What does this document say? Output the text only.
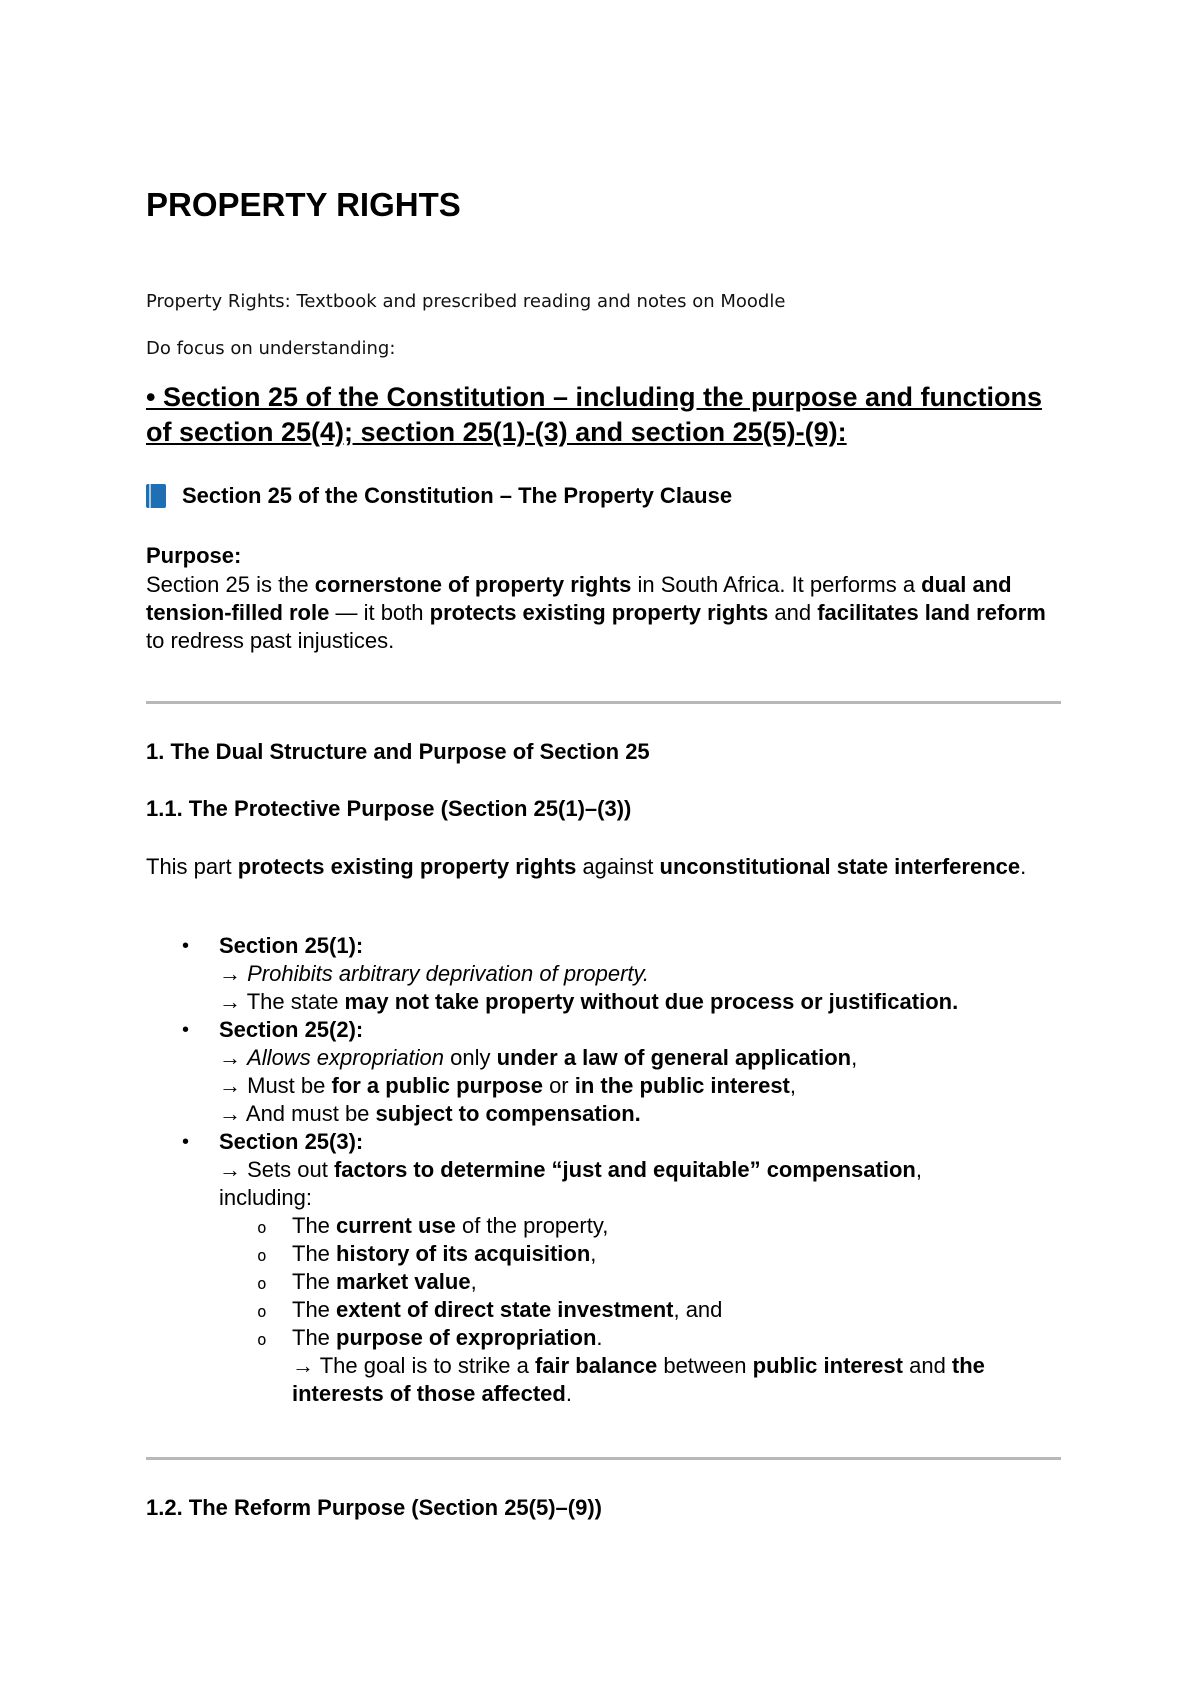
PROPERTY RIGHTS

Property Rights: Textbook and prescribed reading and notes on Moodle

Do focus on understanding:

• Section 25 of the Constitution – including the purpose and functions of section 25(4); section 25(1)-(3) and section 25(5)-(9):

Section 25 of the Constitution – The Property Clause

Purpose:

Section 25 is the cornerstone of property rights in South Africa. It performs a dual and tension-filled role — it both protects existing property rights and facilitates land reform to redress past injustices.

1. The Dual Structure and Purpose of Section 25

1.1. The Protective Purpose (Section 25(1)–(3))

This part protects existing property rights against unconstitutional state interference.

• Section 25(1):
→ Prohibits arbitrary deprivation of property.
→ The state may not take property without due process or justification.
• Section 25(2):
→ Allows expropriation only under a law of general application,
→ Must be for a public purpose or in the public interest,
→ And must be subject to compensation.
• Section 25(3):
→ Sets out factors to determine “just and equitable” compensation,
including:
o The current use of the property,
o The history of its acquisition,
o The market value,
o The extent of direct state investment, and
o The purpose of expropriation.
→ The goal is to strike a fair balance between public interest and the interests of those affected.

1.2. The Reform Purpose (Section 25(5)–(9))
